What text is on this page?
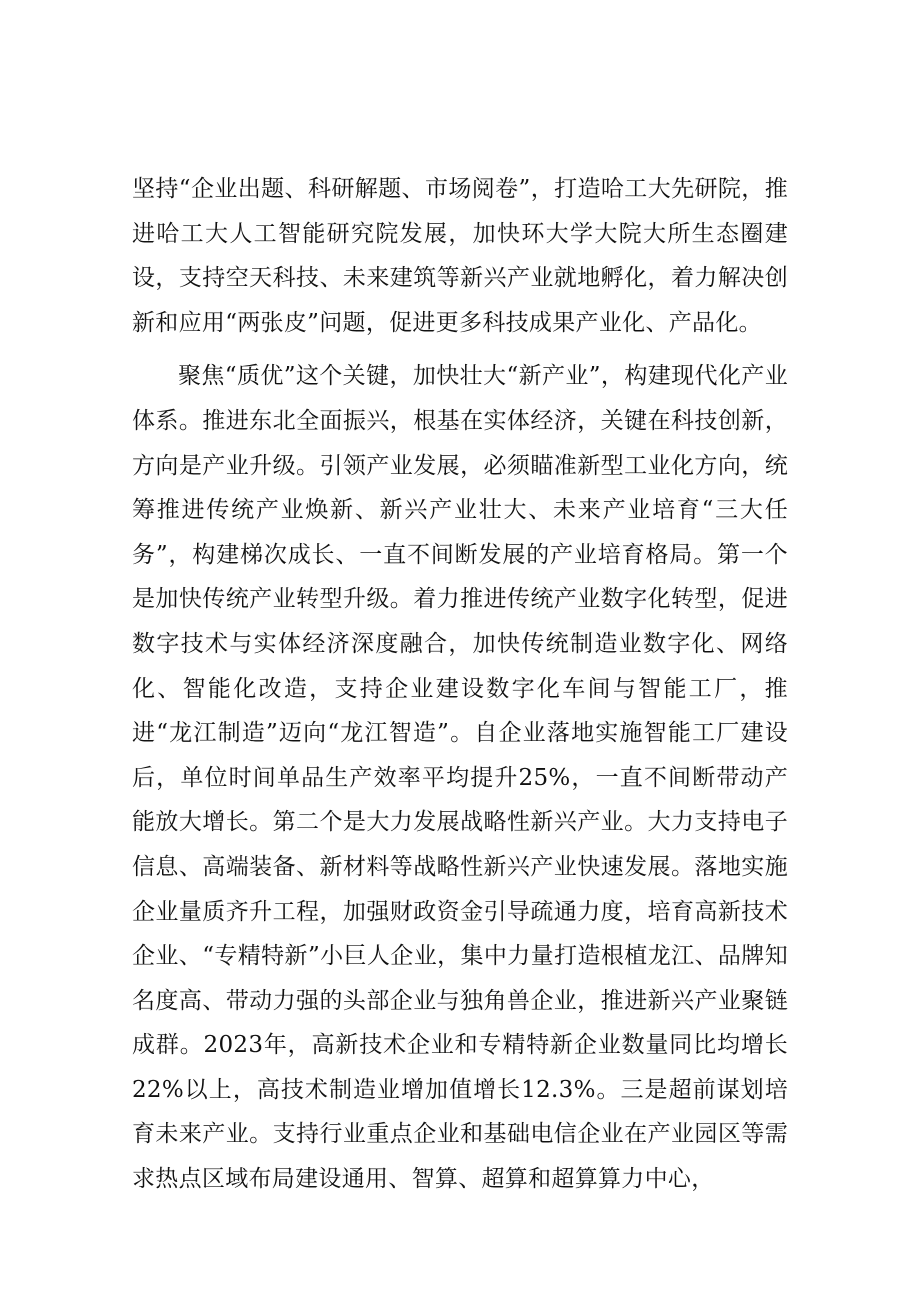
坚持“企业出题、科研解题、市场阅卷”，打造哈工大先研院，推进哈工大人工智能研究院发展，加快环大学大院大所生态圈建设，支持空天科技、未来建筑等新兴产业就地孵化，着力解决创新和应用“两张皮”问题，促进更多科技成果产业化、产品化。

聚焦“质优”这个关键，加快壮大“新产业”，构建现代化产业体系。推进东北全面振兴，根基在实体经济，关键在科技创新，方向是产业升级。引领产业发展，必须瞄准新型工业化方向，统筹推进传统产业焕新、新兴产业壮大、未来产业培育“三大任务”，构建梯次成长、一直不间断发展的产业培育格局。第一个是加快传统产业转型升级。着力推进传统产业数字化转型，促进数字技术与实体经济深度融合，加快传统制造业数字化、网络化、智能化改造，支持企业建设数字化车间与智能工厂，推进“龙江制造”迈向“龙江智造”。自企业落地实施智能工厂建设后，单位时间单品生产效率平均提升25%，一直不间断带动产能放大增长。第二个是大力发展战略性新兴产业。大力支持电子信息、高端装备、新材料等战略性新兴产业快速发展。落地实施企业量质齐升工程，加强财政资金引导疏通力度，培育高新技术企业、“专精特新”小巨人企业，集中力量打造根植龙江、品牌知名度高、带动力强的头部企业与独角兽企业，推进新兴产业聚链成群。2023年，高新技术企业和专精特新企业数量同比均增长22%以上，高技术制造业增加值增长12.3%。三是超前谋划培育未来产业。支持行业重点企业和基础电信企业在产业园区等需求热点区域布局建设通用、智算、超算和超算算力中心，
